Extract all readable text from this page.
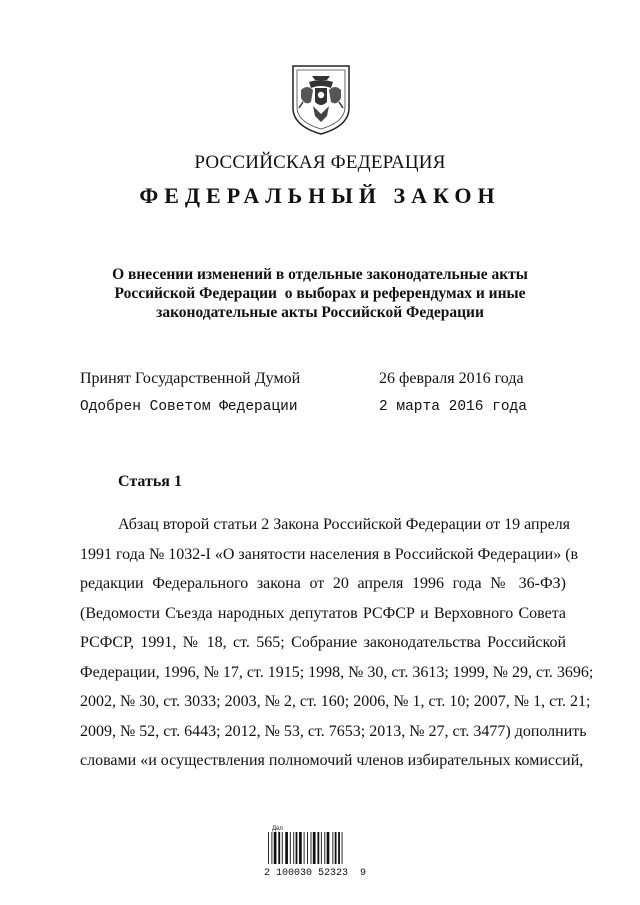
РОССИЙСКАЯ ФЕДЕРАЦИЯ
ФЕДЕРАЛЬНЫЙ ЗАКОН
О внесении изменений в отдельные законодательные акты
Российской Федерации  о выборах и референдумах и иные
законодательные акты Российской Федерации
Принят Государственной Думой	26 февраля 2016 года
Одобрен Советом Федерации	2 марта 2016 года
Статья 1
Абзац второй статьи 2 Закона Российской Федерации от 19 апреля
1991 года № 1032-I «О занятости населения в Российской Федерации» (в
редакции Федерального закона от 20 апреля 1996 года № 36-ФЗ)
(Ведомости Съезда народных депутатов РСФСР и Верховного Совета
РСФСР, 1991, № 18, ст. 565; Собрание законодательства Российской
Федерации, 1996, № 17, ст. 1915; 1998, № 30, ст. 3613; 1999, № 29, ст. 3696;
2002, № 30, ст. 3033; 2003, № 2, ст. 160; 2006, № 1, ст. 10; 2007, № 1, ст. 21;
2009, № 52, ст. 6443; 2012, № 53, ст. 7653; 2013, № 27, ст. 3477) дополнить
словами «и осуществления полномочий членов избирательных комиссий,
Дел
2 100030 52323  9
